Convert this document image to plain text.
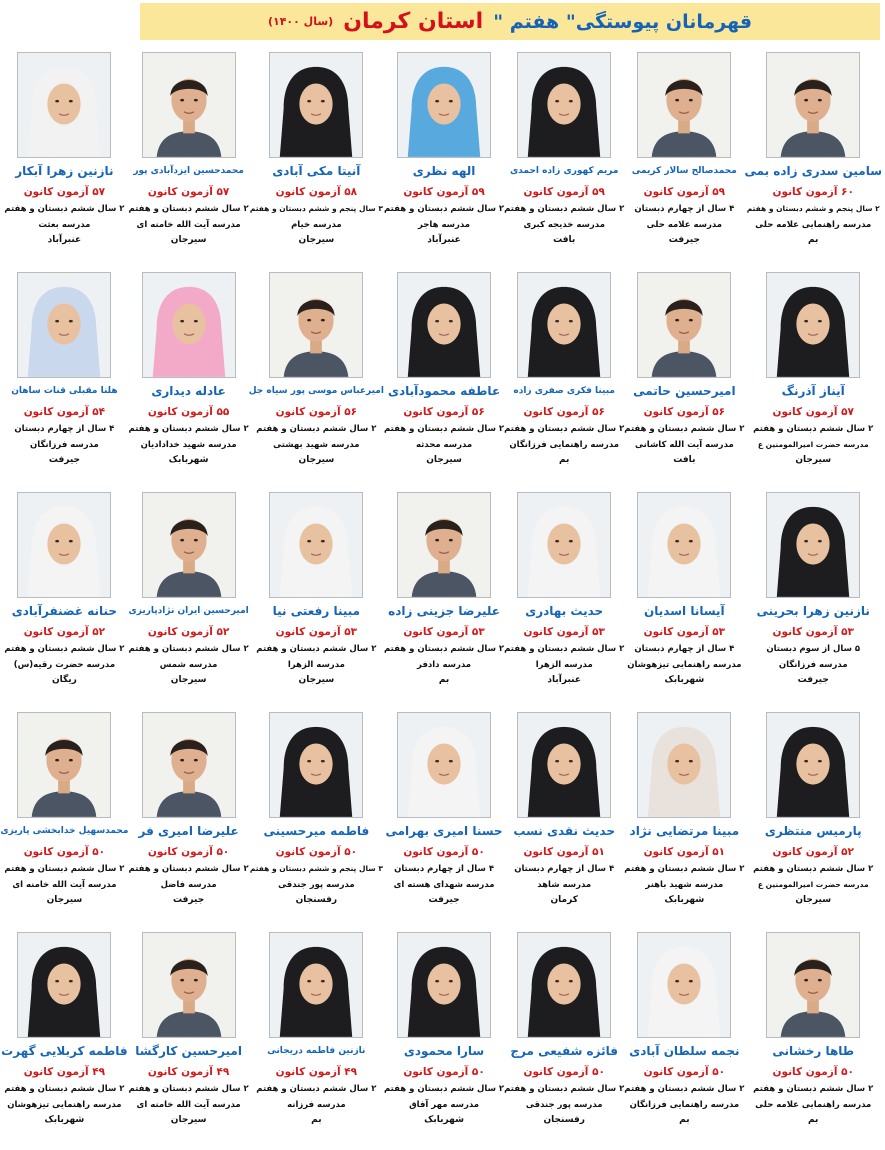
قهرمانان پیوستگی" هفتم "
استان کرمان
(سال ۱۴۰۰)
سامین سدری زاده بمی
۶۰ آزمون کانون
۲ سال پنجم و ششم دبستان و هفتم
مدرسه راهنمایی علامه حلی
بم
محمدصالح سالار کریمی
۵۹ آزمون کانون
۴ سال از چهارم دبستان
مدرسه علامه حلی
جیرفت
مریم کهوری زاده احمدی
۵۹ آزمون کانون
۲ سال ششم دبستان و هفتم
مدرسه خدیجه کبری
بافت
الهه نظری
۵۹ آزمون کانون
۲ سال ششم دبستان و هفتم
مدرسه هاجر
عنبرآباد
آنیتا مکی آبادی
۵۸ آزمون کانون
۳ سال پنجم و ششم دبستان و هفتم
مدرسه خیام
سیرجان
محمدحسین ایزدآبادی پور
۵۷ آزمون کانون
۲ سال ششم دبستان و هفتم
مدرسه آیت الله خامنه ای
سیرجان
نازنین زهرا آبکار
۵۷ آزمون کانون
۲ سال ششم دبستان و هفتم
مدرسه بعثت
عنبرآباد
آیناز آذرنگ
۵۷ آزمون کانون
۲ سال ششم دبستان و هفتم
مدرسه حضرت امیرالمومنین ع
سیرجان
امیرحسین حاتمی
۵۶ آزمون کانون
۲ سال ششم دبستان و هفتم
مدرسه آیت الله کاشانی
بافت
مبینا فکری صفری زاده
۵۶ آزمون کانون
۲ سال ششم دبستان و هفتم
مدرسه راهنمایی فرزانگان
بم
عاطفه محمودآبادی
۵۶ آزمون کانون
۲ سال ششم دبستان و هفتم
مدرسه محدثه
سیرجان
امیرعباس موسی پور سیاه جل
۵۶ آزمون کانون
۲ سال ششم دبستان و هفتم
مدرسه شهید بهشتی
سیرجان
عادله دیداری
۵۵ آزمون کانون
۲ سال ششم دبستان و هفتم
مدرسه شهید خدادادیان
شهربابک
هلنا مقبلی قنات ساهان
۵۴ آزمون کانون
۴ سال از چهارم دبستان
مدرسه فرزانگان
جیرفت
نازنین زهرا بحرینی
۵۳ آزمون کانون
۵ سال از سوم دبستان
مدرسه فرزانگان
جیرفت
آیسانا اسدیان
۵۳ آزمون کانون
۴ سال از چهارم دبستان
مدرسه راهنمایی تیزهوشان
شهربابک
حدیث بهادری
۵۳ آزمون کانون
۲ سال ششم دبستان و هفتم
مدرسه الزهرا
عنبرآباد
علیرضا جزینی زاده
۵۳ آزمون کانون
۲ سال ششم دبستان و هفتم
مدرسه دادفر
بم
مبینا رفعتی نیا
۵۳ آزمون کانون
۲ سال ششم دبستان و هفتم
مدرسه الزهرا
سیرجان
امیرحسین ایران نژادپاریزی
۵۲ آزمون کانون
۲ سال ششم دبستان و هفتم
مدرسه شمس
سیرجان
حنانه غضنفرآبادی
۵۲ آزمون کانون
۲ سال ششم دبستان و هفتم
مدرسه حضرت رقیه(س)
ریگان
پارمیس منتظری
۵۲ آزمون کانون
۲ سال ششم دبستان و هفتم
مدرسه حضرت امیرالمومنین ع
سیرجان
مبینا مرتضایی نژاد
۵۱ آزمون کانون
۲ سال ششم دبستان و هفتم
مدرسه شهید باهنر
شهربابک
حدیث نقدی نسب
۵۱ آزمون کانون
۴ سال از چهارم دبستان
مدرسه شاهد
کرمان
حسنا امیری بهرامی
۵۰ آزمون کانون
۴ سال از چهارم دبستان
مدرسه شهدای هسته ای
جیرفت
فاطمه میرحسینی
۵۰ آزمون کانون
۳ سال پنجم و ششم دبستان و هفتم
مدرسه پور جندقی
رفسنجان
علیرضا امیری فر
۵۰ آزمون کانون
۲ سال ششم دبستان و هفتم
مدرسه فاضل
جیرفت
محمدسهیل خدابخشی پاریزی
۵۰ آزمون کانون
۲ سال ششم دبستان و هفتم
مدرسه آیت الله خامنه ای
سیرجان
طاها رخشانی
۵۰ آزمون کانون
۲ سال ششم دبستان و هفتم
مدرسه راهنمایی علامه حلی
بم
نجمه سلطان آبادی
۵۰ آزمون کانون
۲ سال ششم دبستان و هفتم
مدرسه راهنمایی فرزانگان
بم
فائزه شفیعی مرج
۵۰ آزمون کانون
۲ سال ششم دبستان و هفتم
مدرسه پور جندقی
رفسنجان
سارا محمودی
۵۰ آزمون کانون
۲ سال ششم دبستان و هفتم
مدرسه مهر آفاق
شهربابک
نازنین فاطمه دریجانی
۴۹ آزمون کانون
۲ سال ششم دبستان و هفتم
مدرسه فرزانه
بم
امیرحسین کارگشا
۴۹ آزمون کانون
۲ سال ششم دبستان و هفتم
مدرسه آیت الله خامنه ای
سیرجان
فاطمه کربلایی گهرت
۴۹ آزمون کانون
۲ سال ششم دبستان و هفتم
مدرسه راهنمایی تیزهوشان
شهربابک
